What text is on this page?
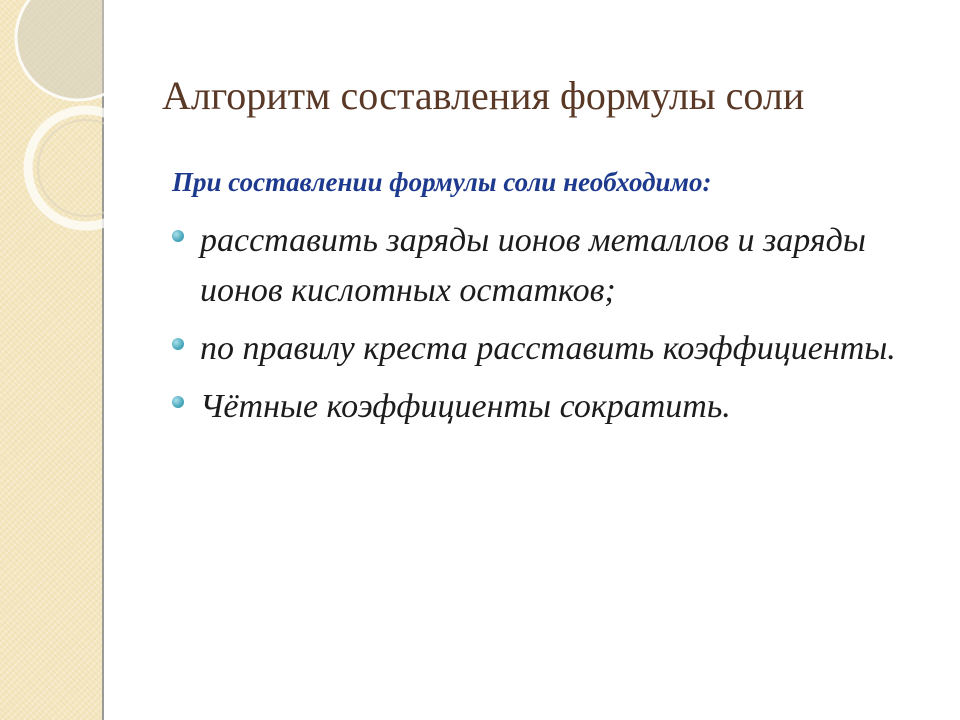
Алгоритм составления формулы соли

При составлении формулы соли необходимо:

расставить заряды ионов металлов и заряды ионов кислотных остатков;
по правилу креста расставить коэффициенты.
Чётные коэффициенты сократить.
